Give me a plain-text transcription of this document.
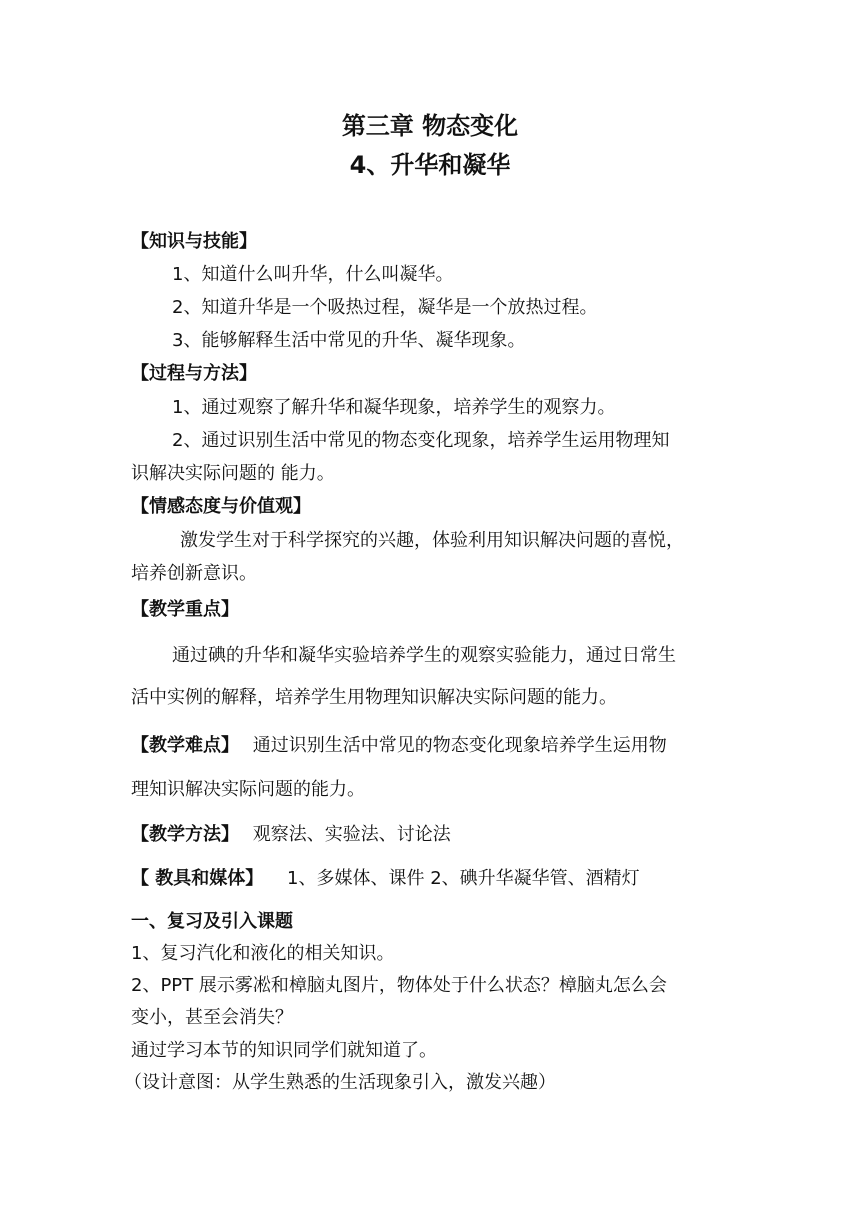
第三章 物态变化
4、升华和凝华
【知识与技能】
1、知道什么叫升华，什么叫凝华。
2、知道升华是一个吸热过程，凝华是一个放热过程。
3、能够解释生活中常见的升华、凝华现象。
【过程与方法】
1、通过观察了解升华和凝华现象，培养学生的观察力。
2、通过识别生活中常见的物态变化现象，培养学生运用物理知
识解决实际问题的 能力。
【情感态度与价值观】
激发学生对于科学探究的兴趣，体验利用知识解决问题的喜悦，
培养创新意识。
【教学重点】
通过碘的升华和凝华实验培养学生的观察实验能力，通过日常生
活中实例的解释，培养学生用物理知识解决实际问题的能力。
【教学难点】 通过识别生活中常见的物态变化现象培养学生运用物
理知识解决实际问题的能力。
【教学方法】 观察法、实验法、讨论法
【 教具和媒体】 1、多媒体、课件 2、碘升华凝华管、酒精灯
一、复习及引入课题
1、复习汽化和液化的相关知识。
2、PPT 展示雾凇和樟脑丸图片，物体处于什么状态？樟脑丸怎么会
变小，甚至会消失？
通过学习本节的知识同学们就知道了。
（设计意图：从学生熟悉的生活现象引入，激发兴趣）
